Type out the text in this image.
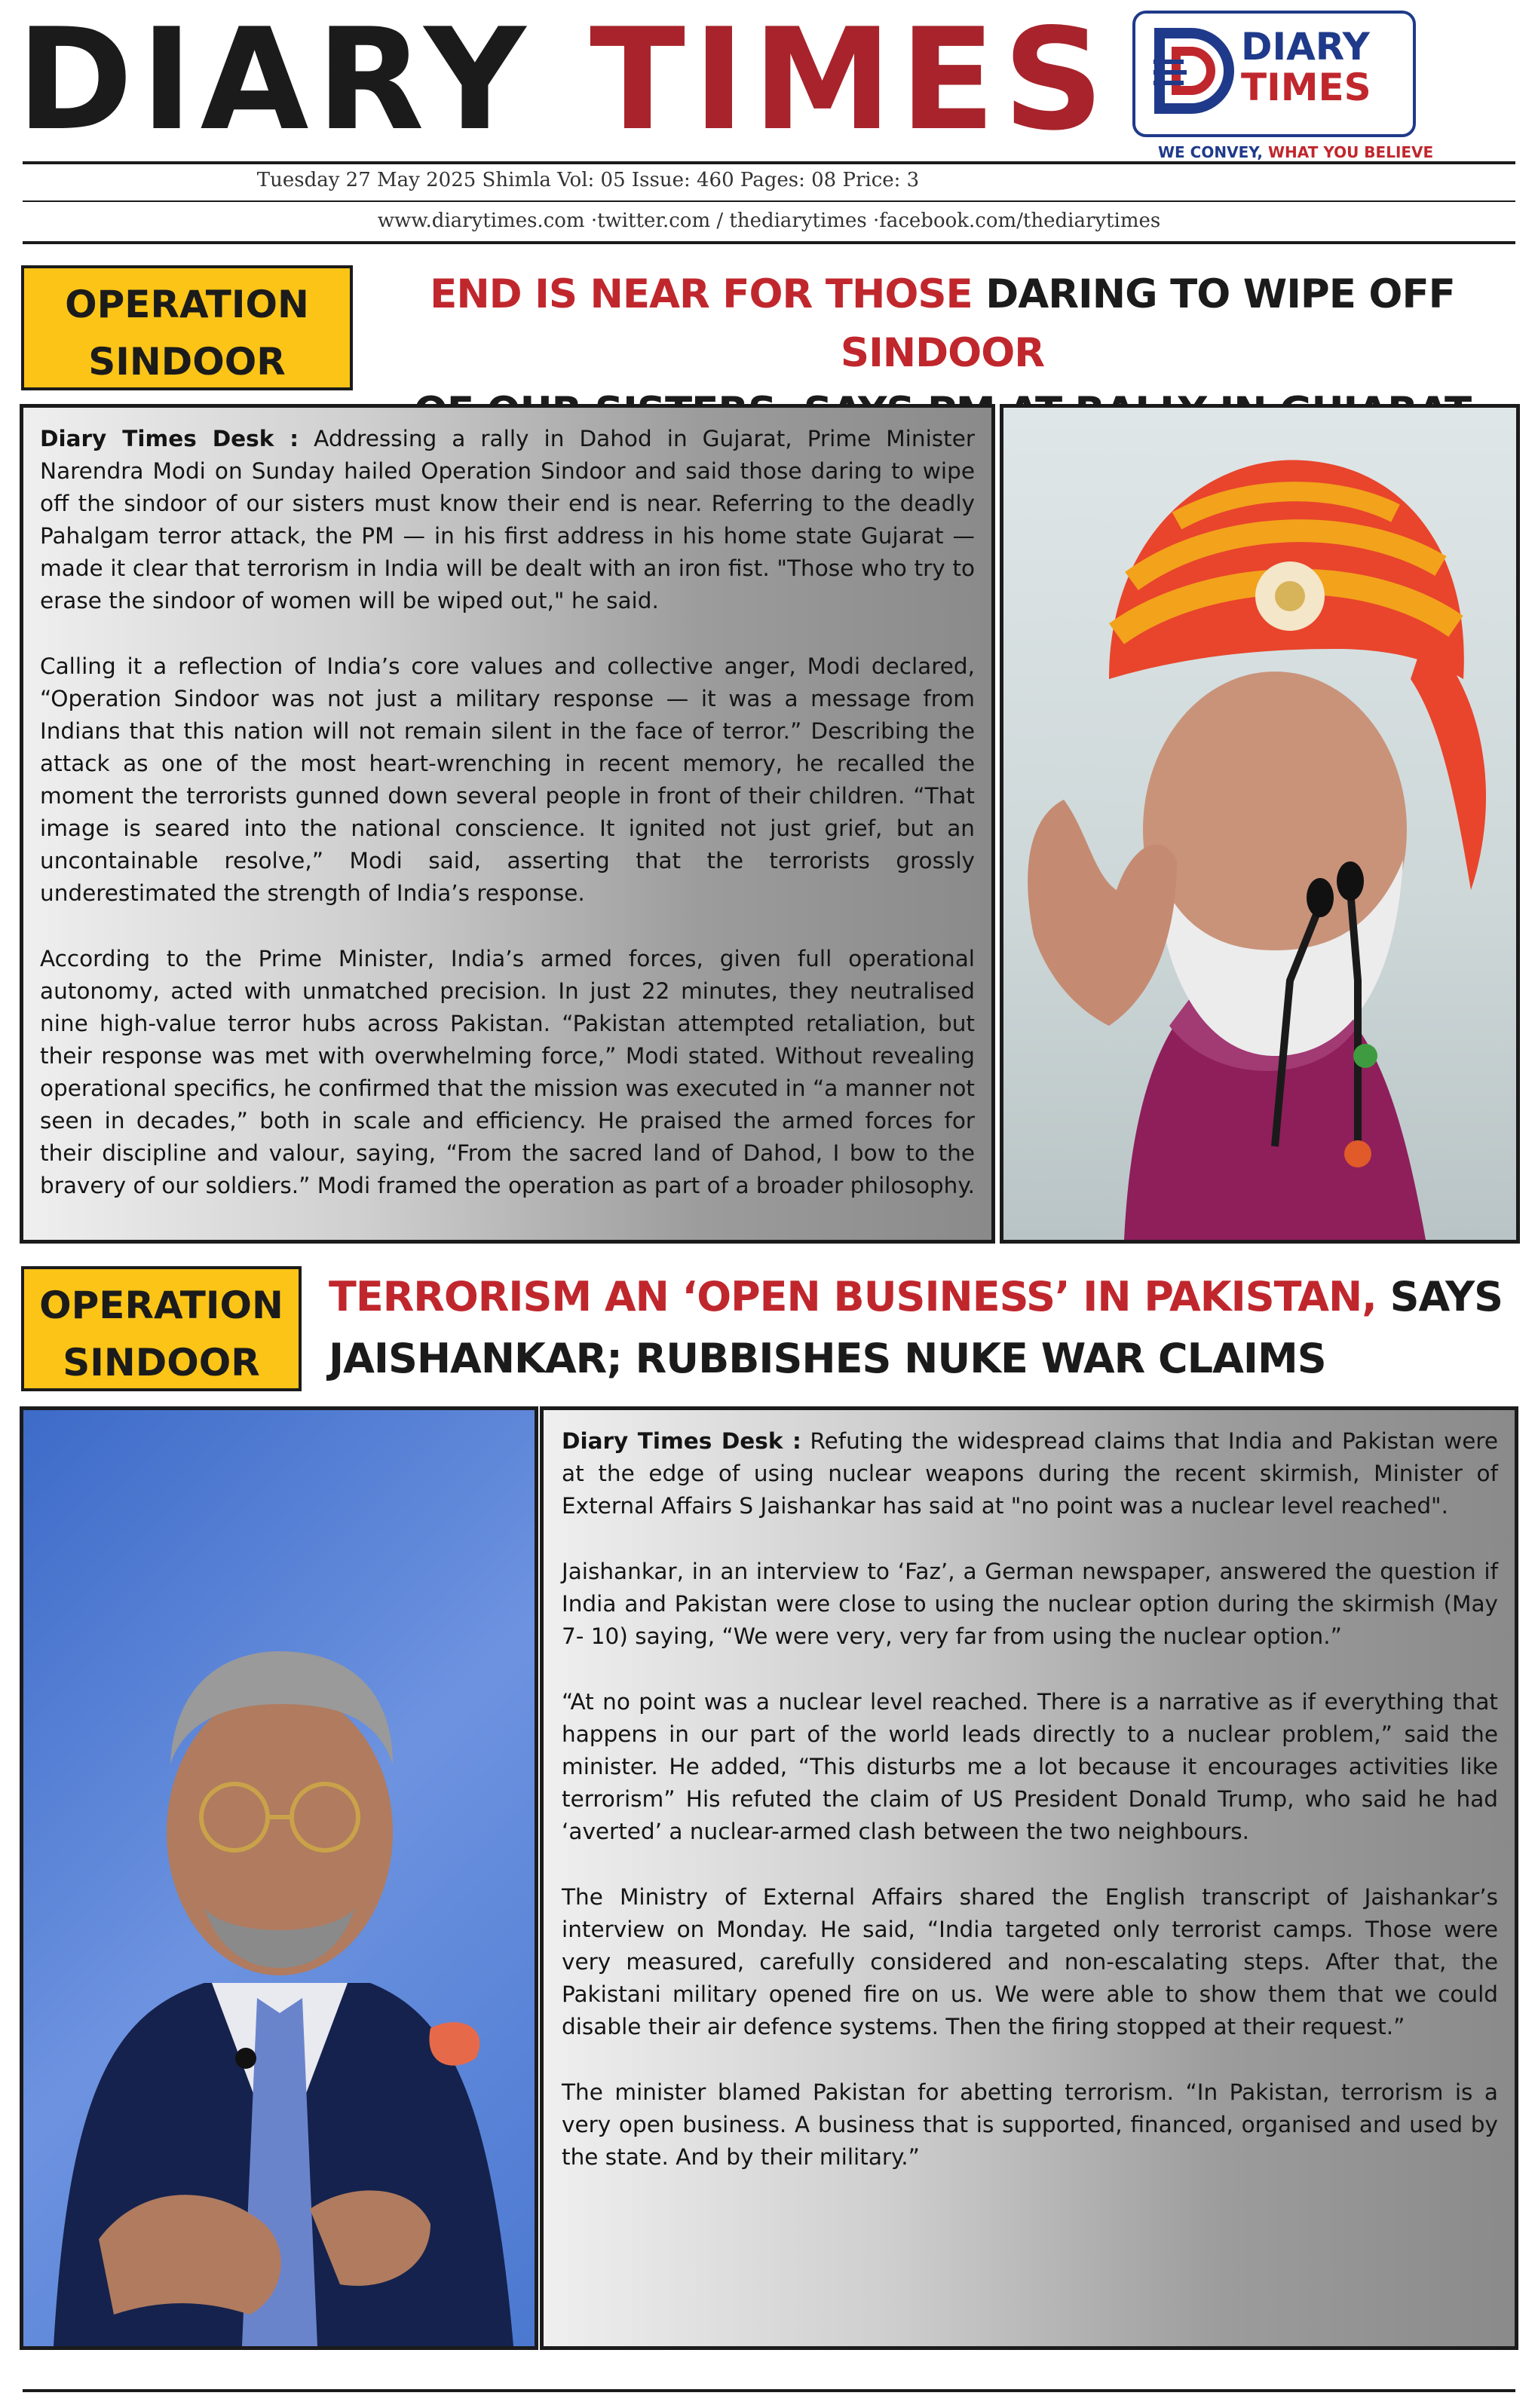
DIARY TIMES	DIARY
TIMES
WE CONVEY, WHAT YOU BELIEVE
Tuesday 27 May 2025 Shimla Vol: 05 Issue: 460 Pages: 08 Price: 3
www.diarytimes.com ·twitter.com / thediarytimes ·facebook.com/thediarytimes
OPERATION
SINDOOR
END IS NEAR FOR THOSE DARING TO WIPE OFF SINDOOR

Diary Times Desk : Addressing a rally in Dahod in Gujarat, Prime Minister Narendra Modi on Sunday hailed Operation Sindoor and said those daring to wipe off the sindoor of our sisters must know their end is near. Referring to the deadly Pahalgam terror attack, the PM — in his first address in his home state Gujarat — made it clear that terrorism in India will be dealt with an iron fist. "Those who try to erase the sindoor of women will be wiped out," he said.

Calling it a reflection of India’s core values and collective anger, Modi declared, “Operation Sindoor was not just a military response — it was a message from Indians that this nation will not remain silent in the face of terror.” Describing the attack as one of the most heart-wrenching in recent memory, he recalled the moment the terrorists gunned down several people in front of their children. “That image is seared into the national conscience. It ignited not just grief, but an uncontainable resolve,” Modi said, asserting that the terrorists grossly underestimated the strength of India’s response.

According to the Prime Minister, India’s armed forces, given full operational autonomy, acted with unmatched precision. In just 22 minutes, they neutralised nine high-value terror hubs across Pakistan. “Pakistan attempted retaliation, but their response was met with overwhelming force,” Modi stated. Without revealing operational specifics, he confirmed that the mission was executed in “a manner not seen in decades,” both in scale and efficiency. He praised the armed forces for their discipline and valour, saying, “From the sacred land of Dahod, I bow to the bravery of our soldiers.” Modi framed the operation as part of a broader philosophy.

OPERATION
SINDOOR
TERRORISM AN ‘OPEN BUSINESS’ IN PAKISTAN, SAYS
JAISHANKAR; RUBBISHES NUKE WAR CLAIMS

Diary Times Desk : Refuting the widespread claims that India and Pakistan were at the edge of using nuclear weapons during the recent skirmish, Minister of External Affairs S Jaishankar has said at "no point was a nuclear level reached".

Jaishankar, in an interview to ‘Faz’, a German newspaper, answered the question if India and Pakistan were close to using the nuclear option during the skirmish (May 7- 10) saying, “We were very, very far from using the nuclear option.”

“At no point was a nuclear level reached. There is a narrative as if everything that happens in our part of the world leads directly to a nuclear problem,” said the minister. He added, “This disturbs me a lot because it encourages activities like terrorism” His refuted the claim of US President Donald Trump, who said he had ‘averted’ a nuclear-armed clash between the two neighbours.

The Ministry of External Affairs shared the English transcript of Jaishankar’s interview on Monday. He said, “India targeted only terrorist camps. Those were very measured, carefully considered and non-escalating steps. After that, the Pakistani military opened fire on us. We were able to show them that we could disable their air defence systems. Then the firing stopped at their request.”

The minister blamed Pakistan for abetting terrorism. “In Pakistan, terrorism is a very open business. A business that is supported, financed, organised and used by the state. And by their military.”
